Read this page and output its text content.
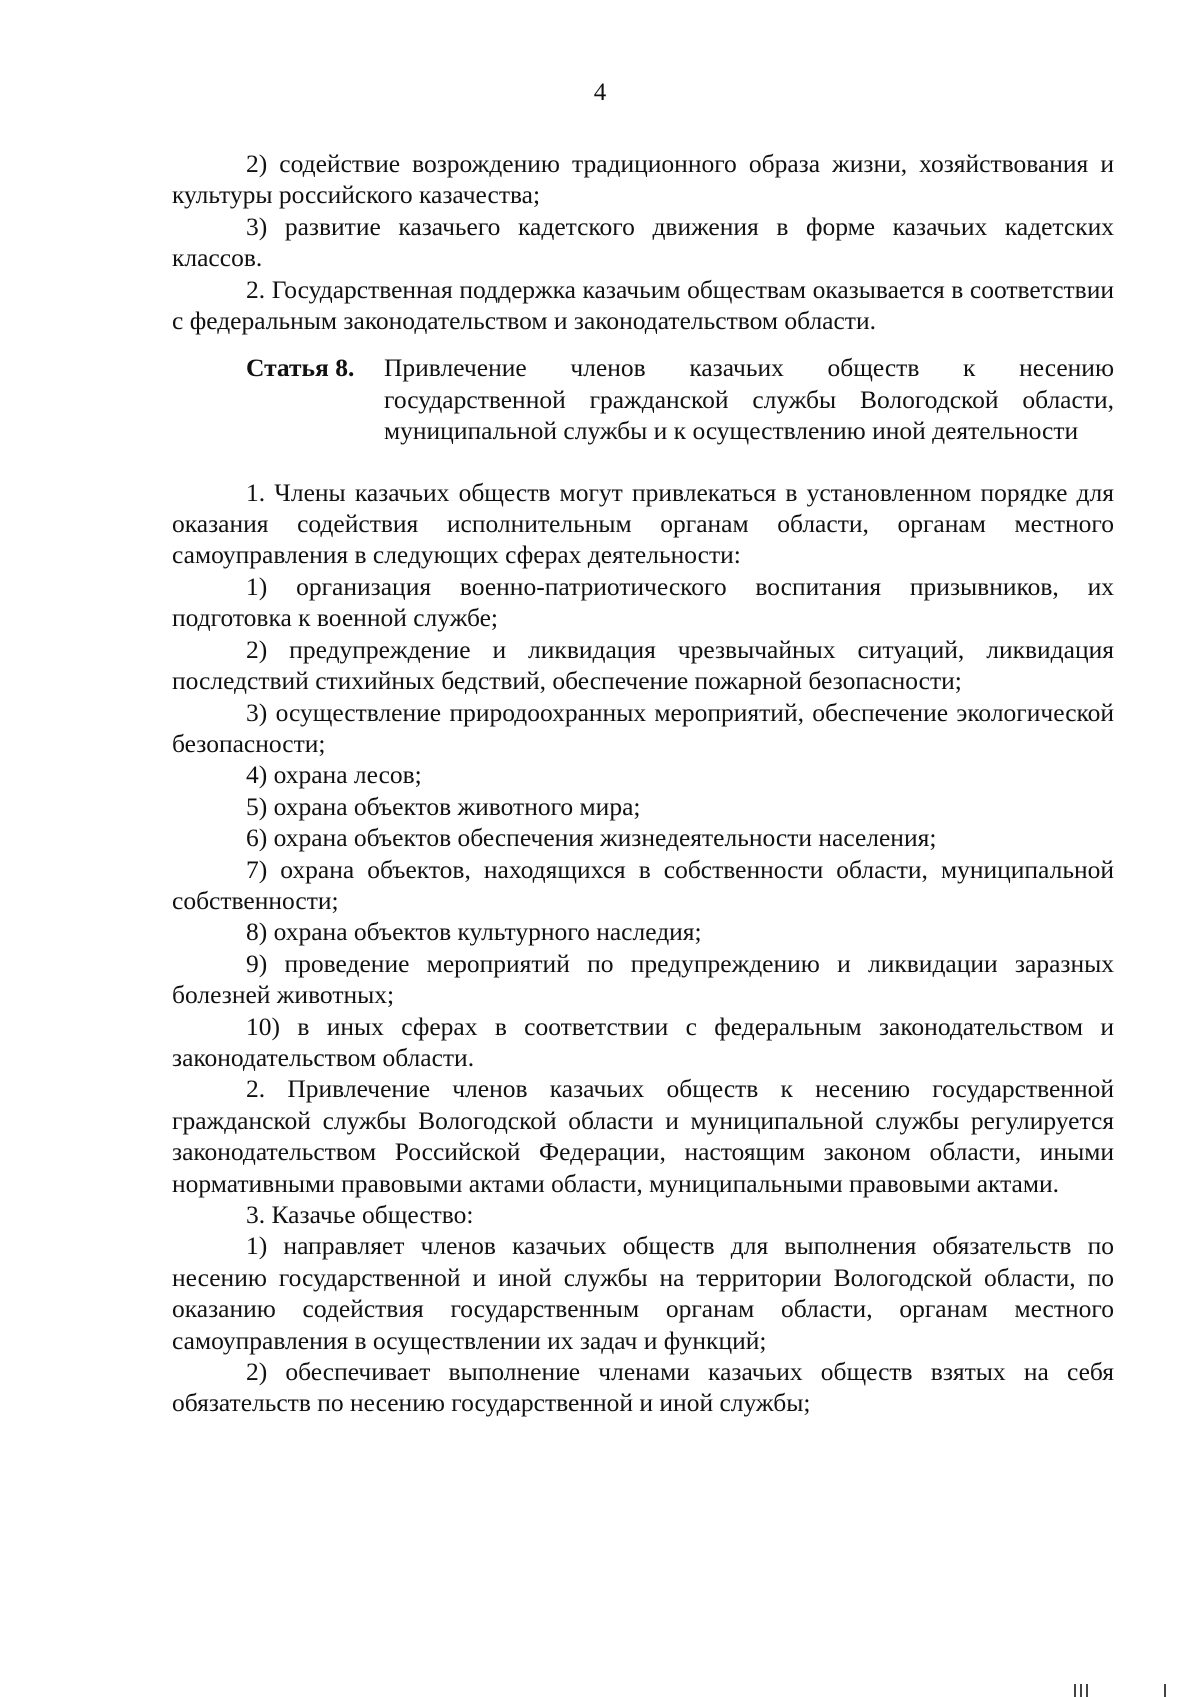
4

2) содействие возрождению традиционного образа жизни, хозяйствования и культуры российского казачества;

3) развитие казачьего кадетского движения в форме казачьих кадетских классов.

2. Государственная поддержка казачьим обществам оказывается в соответствии с федеральным законодательством и законодательством области.

Статья 8.	Привлечение членов казачьих обществ к несению государственной гражданской службы Вологодской области, муниципальной службы и к осуществлению иной деятельности

1. Члены казачьих обществ могут привлекаться в установленном порядке для оказания содействия исполнительным органам области, органам местного самоуправления в следующих сферах деятельности:

1) организация военно-патриотического воспитания призывников, их подготовка к военной службе;

2) предупреждение и ликвидация чрезвычайных ситуаций, ликвидация последствий стихийных бедствий, обеспечение пожарной безопасности;

3) осуществление природоохранных мероприятий, обеспечение экологической безопасности;

4) охрана лесов;

5) охрана объектов животного мира;

6) охрана объектов обеспечения жизнедеятельности населения;

7) охрана объектов, находящихся в собственности области, муниципальной собственности;

8) охрана объектов культурного наследия;

9) проведение мероприятий по предупреждению и ликвидации заразных болезней животных;

10) в иных сферах в соответствии с федеральным законодательством и законодательством области.

2. Привлечение членов казачьих обществ к несению государственной гражданской службы Вологодской области и муниципальной службы регулируется законодательством Российской Федерации, настоящим законом области, иными нормативными правовыми актами области, муниципальными правовыми актами.

3. Казачье общество:

1) направляет членов казачьих обществ для выполнения обязательств по несению государственной и иной службы на территории Вологодской области, по оказанию содействия государственным органам области, органам местного самоуправления в осуществлении их задач и функций;

2) обеспечивает выполнение членами казачьих обществ взятых на себя обязательств по несению государственной и иной службы;
